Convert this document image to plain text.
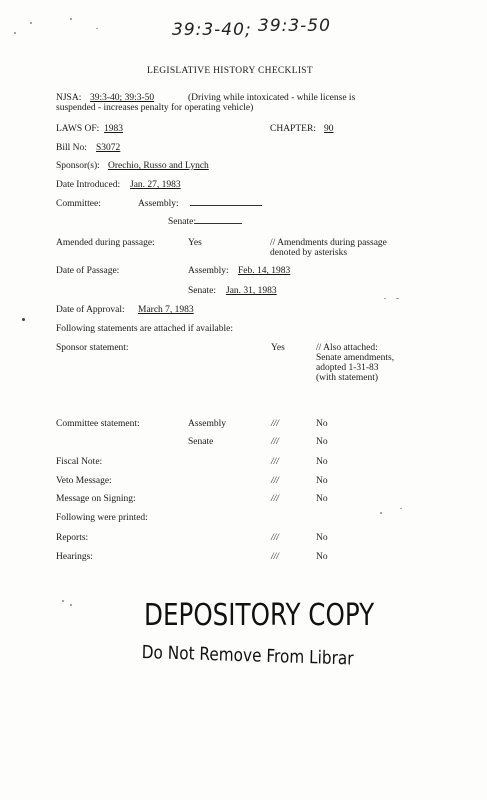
39:3-40; 39:3-50
LEGISLATIVE HISTORY CHECKLIST
NJSA: 39:3-40; 39:3-50	(Driving while intoxicated - while license is
suspended - increases penalty for operating vehicle)
LAWS OF: 1983	CHAPTER: 90
Bill No: S3072
Sponsor(s): Orechio, Russo and Lynch
Date Introduced: Jan. 27, 1983
Committee:	Assembly:
Senate:
Amended during passage:	Yes	// Amendments during passage
denoted by asterisks
Date of Passage:	Assembly: Feb. 14, 1983
Senate: Jan. 31, 1983
Date of Approval: March 7, 1983
Following statements are attached if available:
Sponsor statement:	Yes	// Also attached:
Senate amendments,
adopted 1-31-83
(with statement)
Committee statement:	Assembly	///	No
Senate	///	No
Fiscal Note:	///	No
Veto Message:	///	No
Message on Signing:	///	No
Following were printed:
Reports:	///	No
Hearings:	///	No
DEPOSITORY COPY
Do Not Remove From Librar
